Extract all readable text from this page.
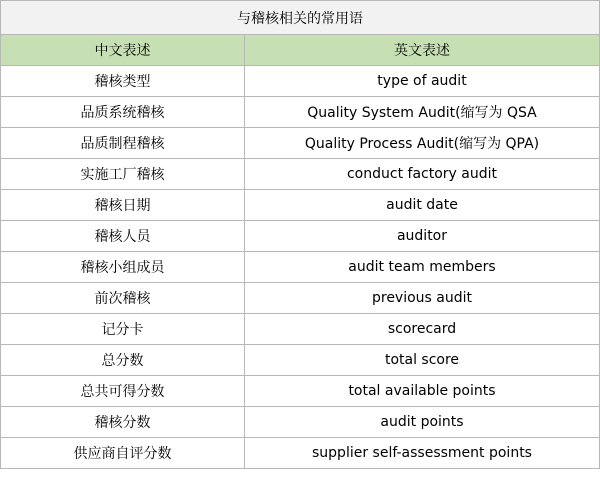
与稽核相关的常用语	
中文表述	英文表述
稽核类型	type of audit
品质系统稽核	Quality System Audit(缩写为 QSA
品质制程稽核	Quality Process Audit(缩写为 QPA)
实施工厂稽核	conduct factory audit
稽核日期	audit date
稽核人员	auditor
稽核小组成员	audit team members
前次稽核	previous audit
记分卡	scorecard
总分数	total score
总共可得分数	total available points
稽核分数	audit points
供应商自评分数	supplier self-assessment points
